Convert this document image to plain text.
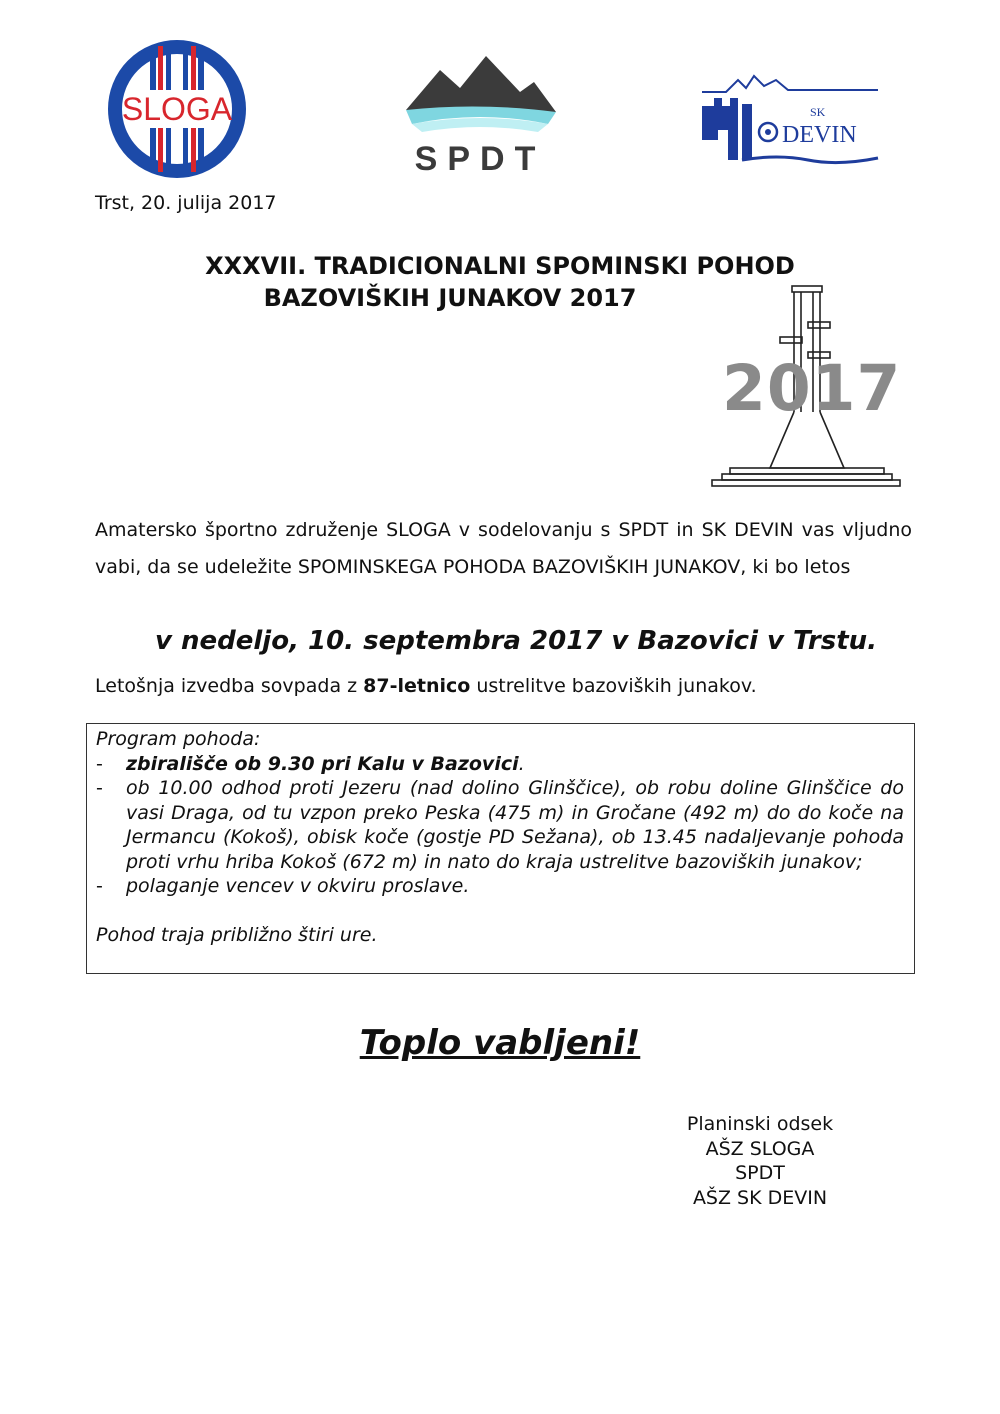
SLOGA
SPDT
SK
DEVIN
Trst, 20. julija 2017
XXXVII. TRADICIONALNI SPOMINSKI POHOD
BAZOVIŠKIH JUNAKOV 2017
2017
Amatersko športno združenje SLOGA v sodelovanju s SPDT in SK DEVIN vas vljudno vabi, da se udeležite SPOMINSKEGA POHODA BAZOVIŠKIH JUNAKOV, ki bo letos
v nedeljo, 10. septembra 2017 v Bazovici v Trstu.
Letošnja izvedba sovpada z 87-letnico ustrelitve bazoviških junakov.
Program pohoda:
- zbirališče ob 9.30 pri Kalu v Bazovici.
- ob 10.00 odhod proti Jezeru (nad dolino Glinščice), ob robu doline Glinščice do vasi Draga, od tu vzpon preko Peska (475 m) in Gročane (492 m) do do koče na Jermancu (Kokoš), obisk koče (gostje PD Sežana), ob 13.45 nadaljevanje pohoda proti vrhu hriba Kokoš (672 m) in nato do kraja ustrelitve bazoviških junakov;
- polaganje vencev v okviru proslave.
Pohod traja približno štiri ure.
Toplo vabljeni!
Planinski odsek
AŠZ SLOGA
SPDT
AŠZ SK DEVIN
